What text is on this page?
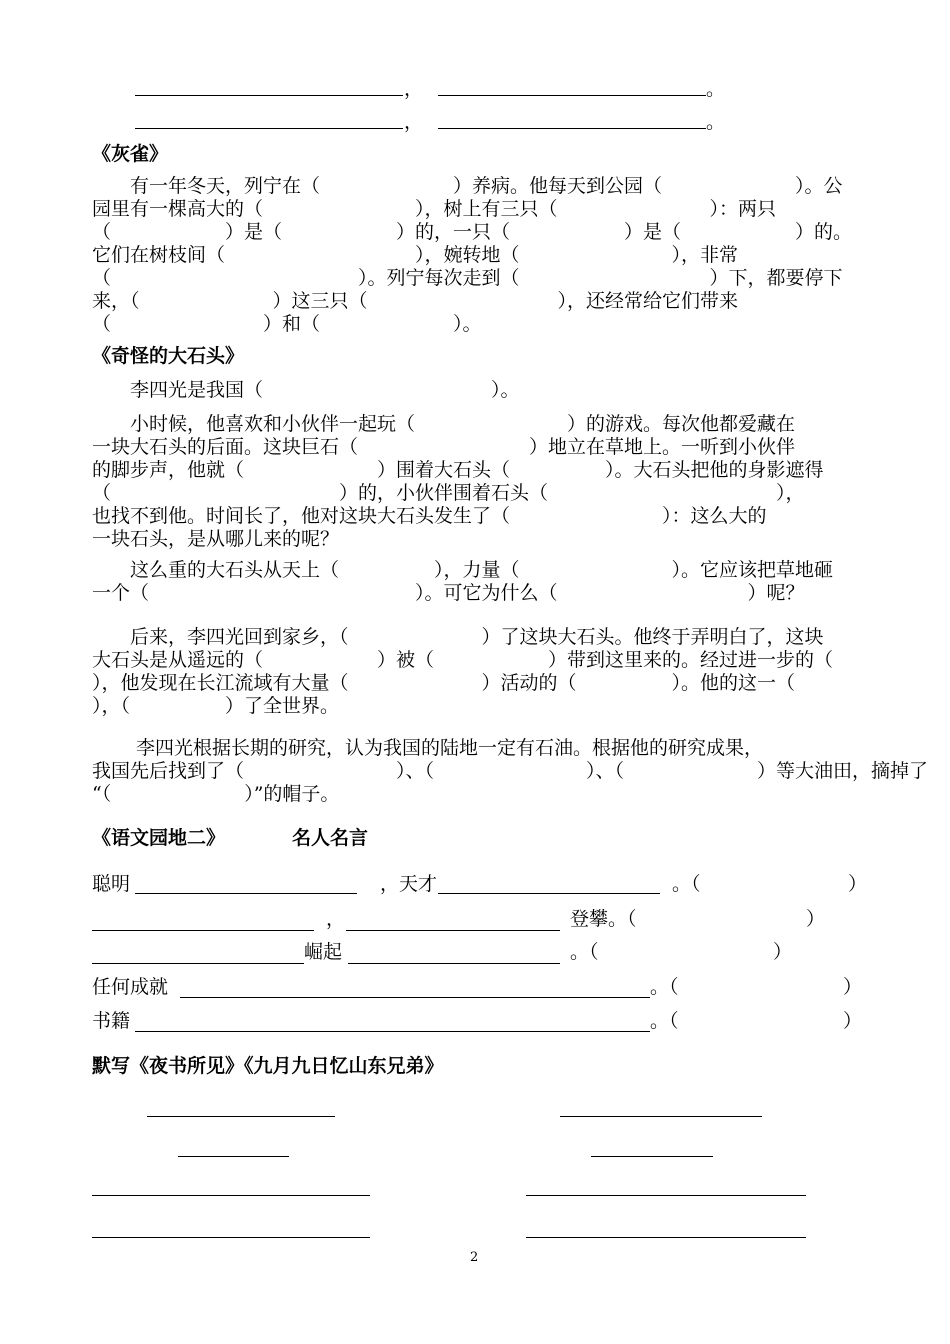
，	。
，	。
《灰雀》
　　有一年冬天，列宁在（　　　　　　　）养病。他每天到公园（　　　　　　　）。公
园里有一棵高大的（　　　　　　　　），树上有三只（　　　　　　　　）：两只
（　　　　　　）是（　　　　　　）的，一只（　　　　　　）是（　　　　　　）的。
它们在树枝间（　　　　　　　　　　），婉转地（　　　　　　　　），非常
（　　　　　　　　　　　　　）。列宁每次走到（　　　　　　　　　　）下，都要停下
来，（　　　　　　　）这三只（　　　　　　　　　　），还经常给它们带来
（　　　　　　　　）和（　　　　　　　）。
《奇怪的大石头》
　　李四光是我国（　　　　　　　　　　　　）。
　　小时候，他喜欢和小伙伴一起玩（　　　　　　　　）的游戏。每次他都爱藏在
一块大石头的后面。这块巨石（　　　　　　　　　）地立在草地上。一听到小伙伴
的脚步声，他就（　　　　　　　）围着大石头（　　　　　）。大石头把他的身影遮得
（　　　　　　　　　　　　）的，小伙伴围着石头（　　　　　　　　　　　　），
也找不到他。时间长了，他对这块大石头发生了（　　　　　　　　）：这么大的
一块石头，是从哪儿来的呢？
　　这么重的大石头从天上（　　　　　），力量（　　　　　　　　）。它应该把草地砸
一个（　　　　　　　　　　　　　　）。可它为什么（　　　　　　　　　　）呢？
　　后来，李四光回到家乡，（　　　　　　　）了这块大石头。他终于弄明白了，这块
大石头是从遥远的（　　　　　　）被（　　　　　　）带到这里来的。经过进一步的（
），他发现在长江流域有大量（　　　　　　　）活动的（　　　　　）。他的这一（
），（　　　　　）了全世界。
　　 李四光根据长期的研究，认为我国的陆地一定有石油。根据他的研究成果，
我国先后找到了（　　　　　　　　）、（　　　　　　　　）、（　　　　　　　）等大油田，摘掉了
“（　　　　　　　）”的帽子。
《语文园地二》	名人名言
聪明	，天才	。（	）
，	登攀。（	）
崛起	。（	）
任何成就	。（	）
书籍	。（	）
默写《夜书所见》《九月九日忆山东兄弟》
2
